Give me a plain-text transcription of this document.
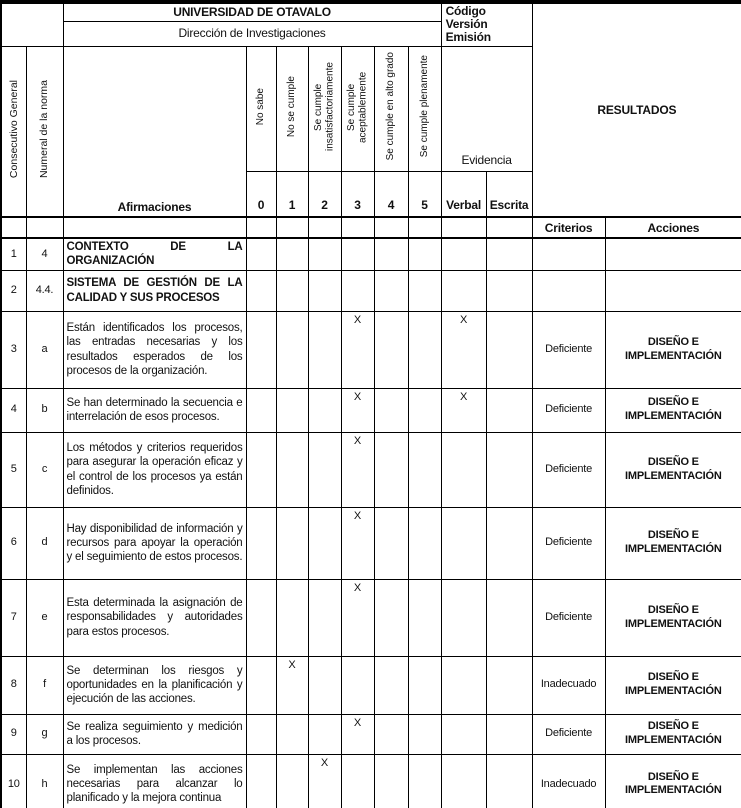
		UNIVERSIDAD DE OTAVALO							Código
Versión
Emisión		RESULTADOS	
		Dirección de Investigaciones										
Consecutivo General	Numeral de la norma	Afirmaciones	No sabe	No se cumple	Se cumple insatisfactoriamente	Se cumple aceptablemente	Se cumple en alto grado	Se cumple plenamente	Evidencia			
			0	1	2	3	4	5	Verbal	Escrita		
											Criterios	Acciones
1	4	CONTEXTO DE LA ORGANIZACIÓN										
2	4.4.	SISTEMA DE GESTIÓN DE LA CALIDAD Y SUS PROCESOS										
3	a	Están identificados los procesos, las entradas necesarias y los resultados esperados de los procesos de la organización.				X			X		Deficiente	DISEÑO E IMPLEMENTACIÓN
4	b	Se han determinado la secuencia e interrelación de esos procesos.				X			X		Deficiente	DISEÑO E IMPLEMENTACIÓN
5	c	Los métodos y criterios requeridos para asegurar la operación eficaz y el control de los procesos ya están definidos.				X					Deficiente	DISEÑO E IMPLEMENTACIÓN
6	d	Hay disponibilidad de información y recursos para apoyar la operación y el seguimiento de estos procesos.				X					Deficiente	DISEÑO E IMPLEMENTACIÓN
7	e	Esta determinada la asignación de responsabilidades y autoridades para estos procesos.				X					Deficiente	DISEÑO E IMPLEMENTACIÓN
8	f	Se determinan los riesgos y oportunidades en la planificación y ejecución de las acciones.		X							Inadecuado	DISEÑO E IMPLEMENTACIÓN
9	g	Se realiza seguimiento y medición a los procesos.				X					Deficiente	DISEÑO E IMPLEMENTACIÓN
10	h	Se implementan las acciones necesarias para alcanzar lo planificado y la mejora continua			X						Inadecuado	DISEÑO E IMPLEMENTACIÓN
